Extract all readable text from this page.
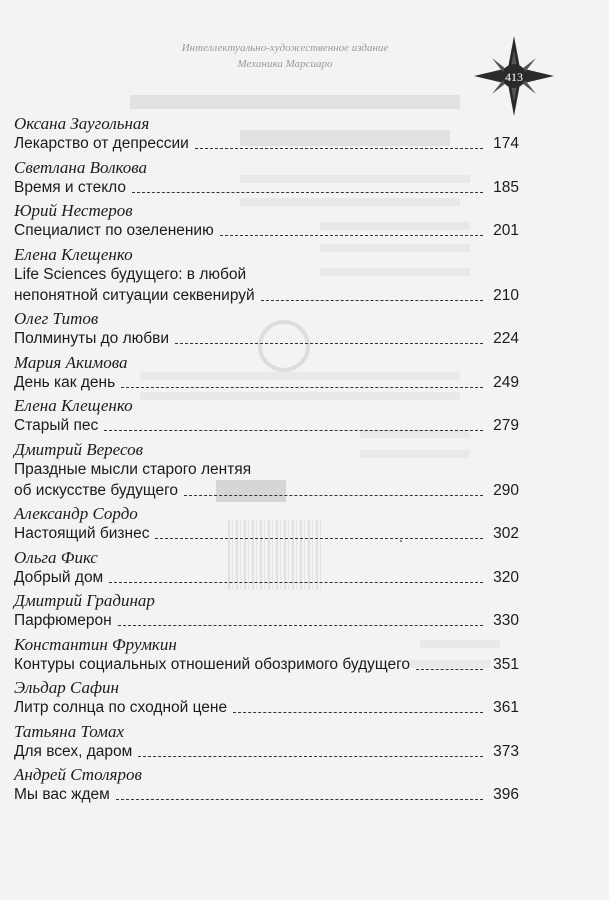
Интеллектуально-художественное издание
Механика Марсиаро
413
Оксана Заугольная
Лекарство от депрессии	174
Светлана Волкова
Время и стекло	185
Юрий Нестеров
Специалист по озеленению	201
Елена Клещенко
Life Sciences будущего: в любой
непонятной ситуации секвенируй	210
Олег Титов
Полминуты до любви	224
Мария Акимова
День как день	249
Елена Клещенко
Старый пес	279
Дмитрий Вересов
Праздные мысли старого лентяя
об искусстве будущего	290
Александр Сордо
Настоящий бизнес	302
Ольга Фикс
Добрый дом	320
Дмитрий Градинар
Парфюмерон	330
Константин Фрумкин
Контуры социальных отношений обозримого будущего	351
Эльдар Сафин
Литр солнца по сходной цене	361
Татьяна Томах
Для всех, даром	373
Андрей Столяров
Мы вас ждем	396
